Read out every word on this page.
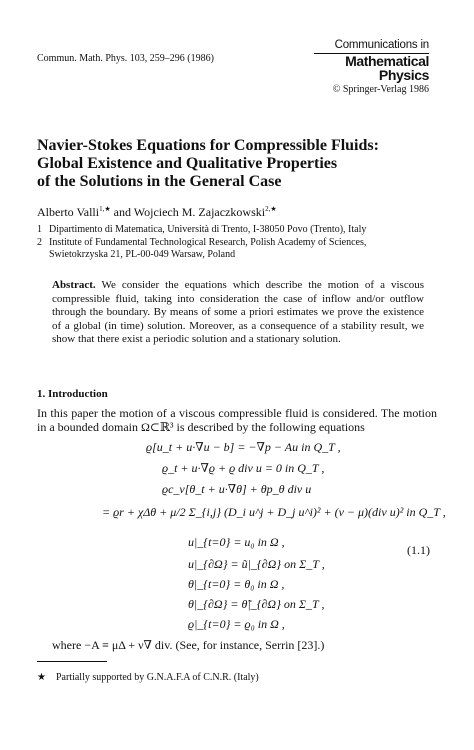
Commun. Math. Phys. 103, 259–296 (1986)
Communications in
Mathematical
Physics
© Springer-Verlag 1986
Navier-Stokes Equations for Compressible Fluids:
Global Existence and Qualitative Properties
of the Solutions in the General Case
Alberto Valli$^{1,★}$ and Wojciech M. Zajaczkowski$^{2,★}$
1 Dipartimento di Matematica, Università di Trento, I-38050 Povo (Trento), Italy
2 Institute of Fundamental Technological Research, Polish Academy of Sciences,
Swietokrzyska 21, PL-00-049 Warsaw, Poland
Abstract. We consider the equations which describe the motion of a viscous compressible fluid, taking into consideration the case of inflow and/or outflow through the boundary. By means of some a priori estimates we prove the existence of a global (in time) solution. Moreover, as a consequence of a stability result, we show that there exist a periodic solution and a stationary solution.
1. Introduction
In this paper the motion of a viscous compressible fluid is considered. The motion in a bounded domain Ω⊂ℝ³ is described by the following equations
ϱ[u_t + u·∇u − b] = −∇p − Au in Q_T ,
ϱ_t + u·∇ϱ + ϱ div u = 0 in Q_T ,
ϱc_v[θ_t + u·∇θ] + θp_θ div u
= ϱr + χΔθ + μ/2 Σ_{i,j} (D_i u^j + D_j u^i)² + (ν − μ)(div u)² in Q_T ,
u|_{t=0} = u₀ in Ω ,
u|_{∂Ω} = ũ|_{∂Ω} on Σ_T ,
θ|_{t=0} = θ₀ in Ω ,
θ|_{∂Ω} = θ̃|_{∂Ω} on Σ_T ,
ϱ|_{t=0} = ϱ₀ in Ω ,
(1.1)
where −A ≡ μΔ + ν∇ div. (See, for instance, Serrin [23].)
★ Partially supported by G.N.A.F.A of C.N.R. (Italy)
